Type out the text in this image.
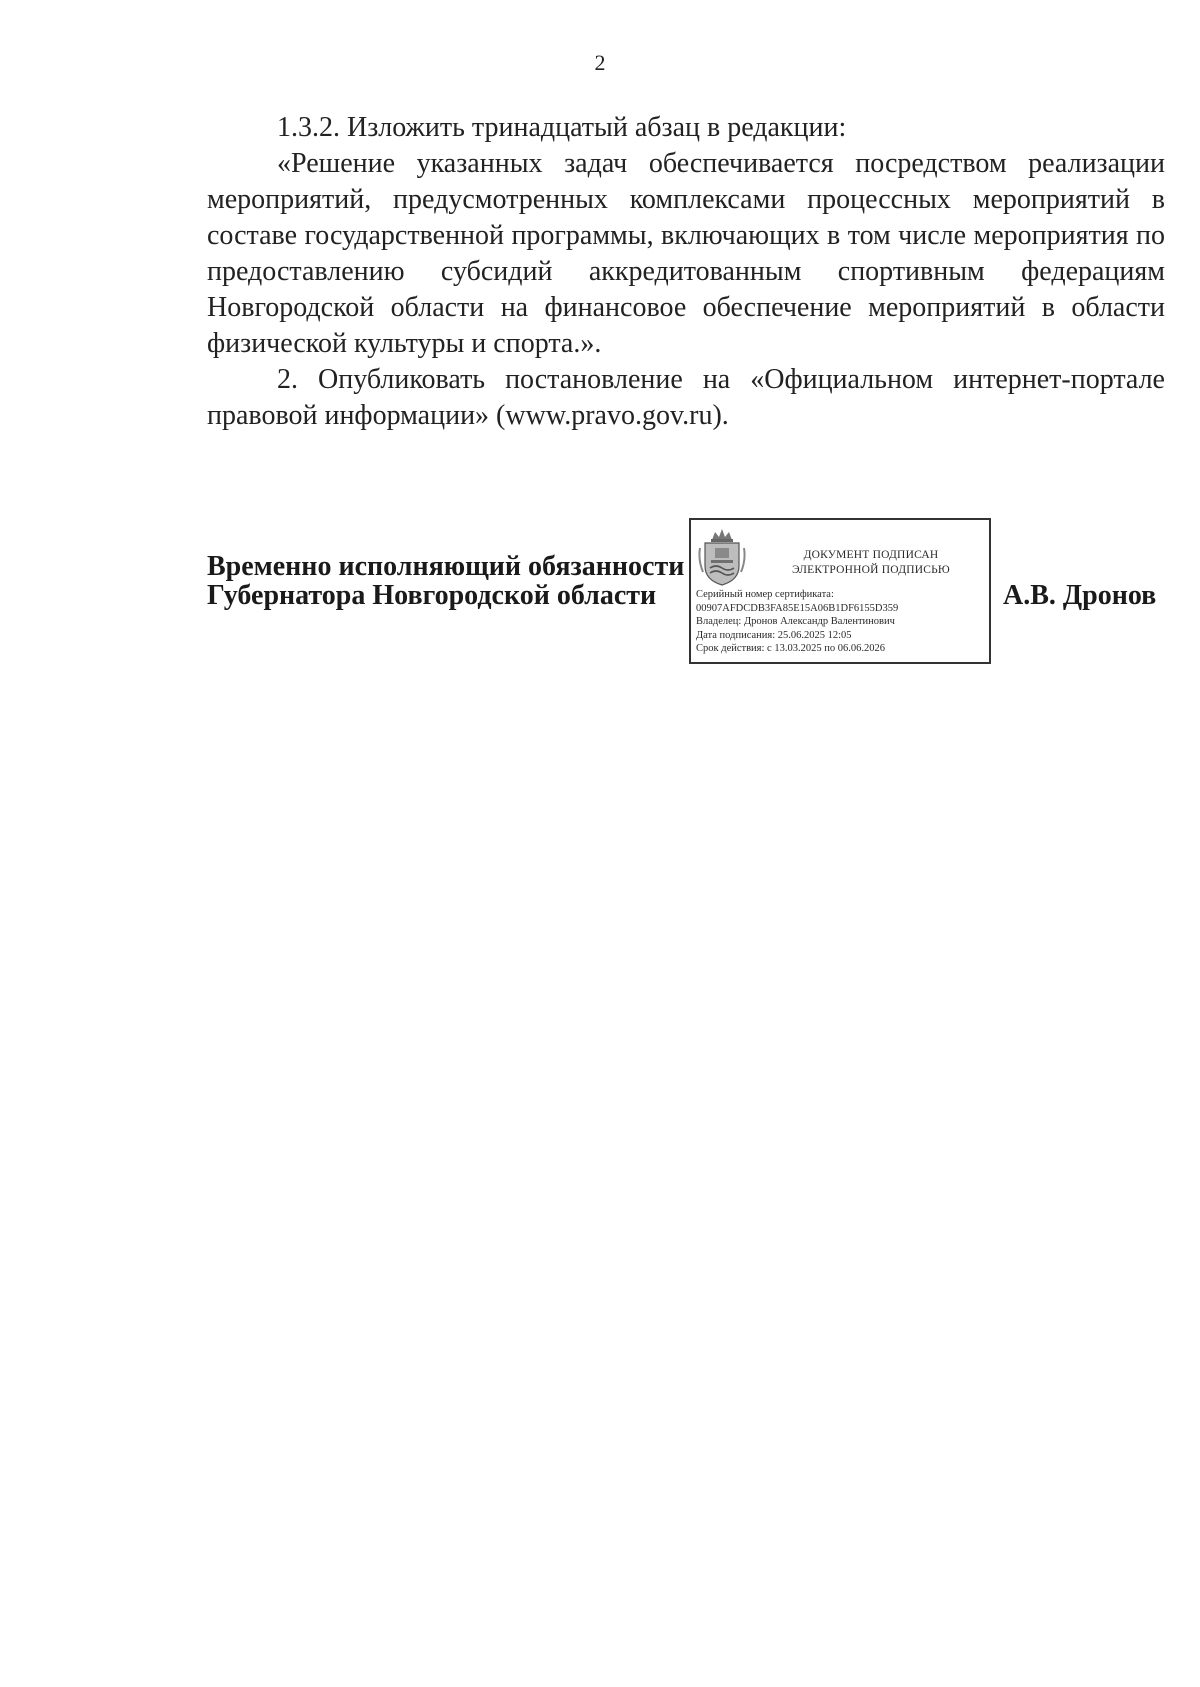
2

1.3.2. Изложить тринадцатый абзац в редакции:

«Решение указанных задач обеспечивается посредством реализации мероприятий, предусмотренных комплексами процессных мероприятий в составе государственной программы, включающих в том числе мероприятия по предоставлению субсидий аккредитованным спортивным федерациям Новгородской области на финансовое обеспечение мероприятий в области физической культуры и спорта.».

2. Опубликовать постановление на «Официальном интернет-портале правовой информации» (www.pravo.gov.ru).

Временно исполняющий обязанности
Губернатора Новгородской области
ДОКУМЕНТ ПОДПИСАН
ЭЛЕКТРОННОЙ ПОДПИСЬЮ
Серийный номер сертификата:
00907AFDCDB3FA85E15A06B1DF6155D359
Владелец: Дронов Александр Валентинович
Дата подписания: 25.06.2025 12:05
Срок действия: с 13.03.2025 по 06.06.2026
А.В. Дронов
